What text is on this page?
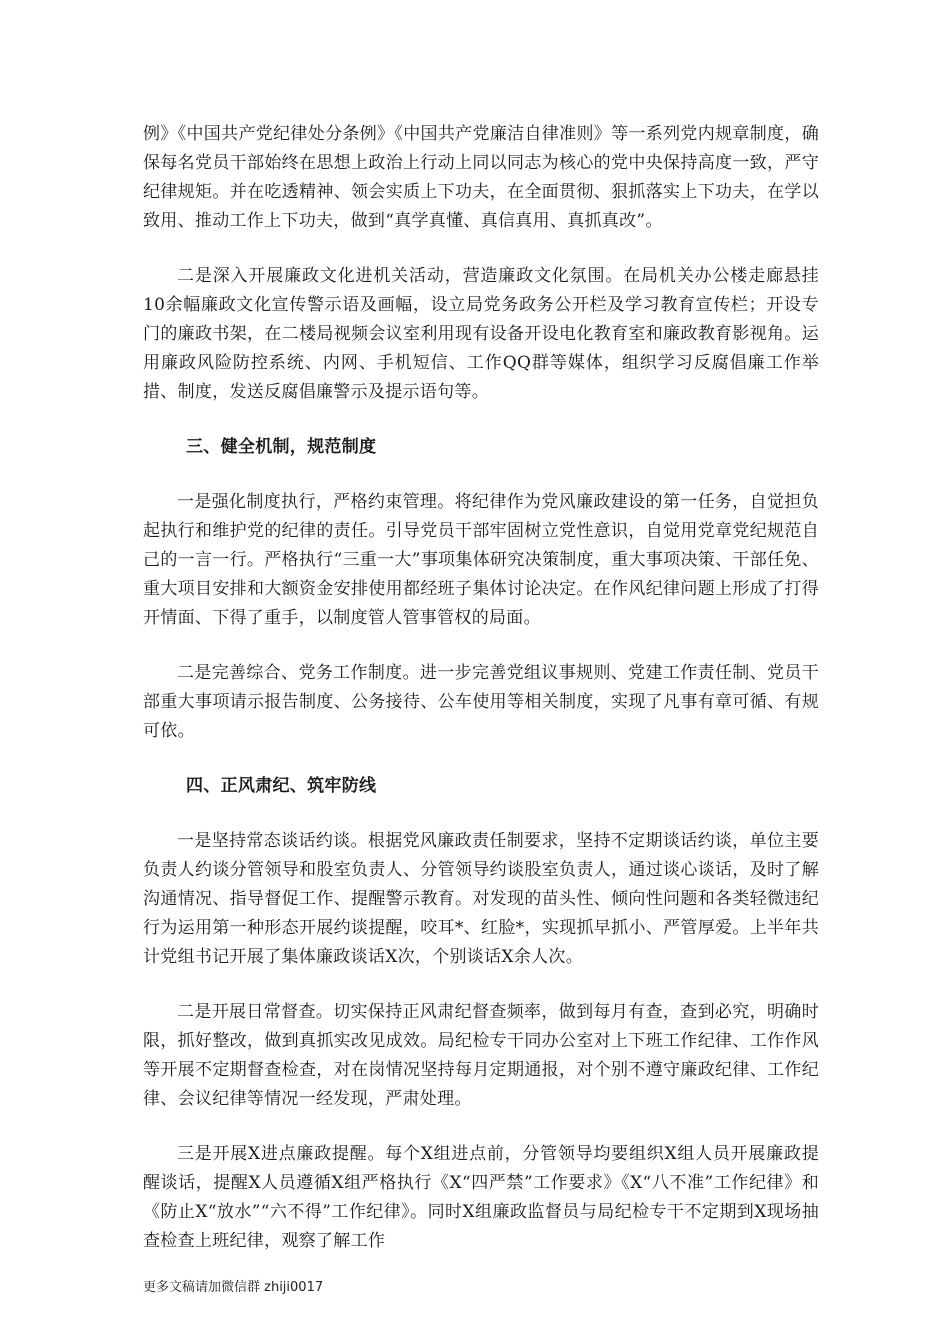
例》《中国共产党纪律处分条例》《中国共产党廉洁自律准则》等一系列党内规章制度，确保每名党员干部始终在思想上政治上行动上同以同志为核心的党中央保持高度一致，严守纪律规矩。并在吃透精神、领会实质上下功夫，在全面贯彻、狠抓落实上下功夫，在学以致用、推动工作上下功夫，做到“真学真懂、真信真用、真抓真改”。

二是深入开展廉政文化进机关活动，营造廉政文化氛围。在局机关办公楼走廊悬挂10余幅廉政文化宣传警示语及画幅，设立局党务政务公开栏及学习教育宣传栏；开设专门的廉政书架，在二楼局视频会议室利用现有设备开设电化教育室和廉政教育影视角。运用廉政风险防控系统、内网、手机短信、工作QQ群等媒体，组织学习反腐倡廉工作举措、制度，发送反腐倡廉警示及提示语句等。

三、健全机制，规范制度

一是强化制度执行，严格约束管理。将纪律作为党风廉政建设的第一任务，自觉担负起执行和维护党的纪律的责任。引导党员干部牢固树立党性意识，自觉用党章党纪规范自己的一言一行。严格执行“三重一大”事项集体研究决策制度，重大事项决策、干部任免、重大项目安排和大额资金安排使用都经班子集体讨论决定。在作风纪律问题上形成了打得开情面、下得了重手，以制度管人管事管权的局面。

二是完善综合、党务工作制度。进一步完善党组议事规则、党建工作责任制、党员干部重大事项请示报告制度、公务接待、公车使用等相关制度，实现了凡事有章可循、有规可依。

四、正风肃纪、筑牢防线

一是坚持常态谈话约谈。根据党风廉政责任制要求，坚持不定期谈话约谈，单位主要负责人约谈分管领导和股室负责人、分管领导约谈股室负责人，通过谈心谈话，及时了解沟通情况、指导督促工作、提醒警示教育。对发现的苗头性、倾向性问题和各类轻微违纪行为运用第一种形态开展约谈提醒，咬耳*、红脸*，实现抓早抓小、严管厚爱。上半年共计党组书记开展了集体廉政谈话X次，个别谈话X余人次。

二是开展日常督查。切实保持正风肃纪督查频率，做到每月有查，查到必究，明确时限，抓好整改，做到真抓实改见成效。局纪检专干同办公室对上下班工作纪律、工作作风等开展不定期督查检查，对在岗情况坚持每月定期通报，对个别不遵守廉政纪律、工作纪律、会议纪律等情况一经发现，严肃处理。

三是开展X进点廉政提醒。每个X组进点前，分管领导均要组织X组人员开展廉政提醒谈话，提醒X人员遵循X组严格执行《X“四严禁”工作要求》《X“八不准”工作纪律》和《防止X“放水”“六不得”工作纪律》。同时X组廉政监督员与局纪检专干不定期到X现场抽查检查上班纪律，观察了解工作

更多文稿请加微信群 zhiji0017
